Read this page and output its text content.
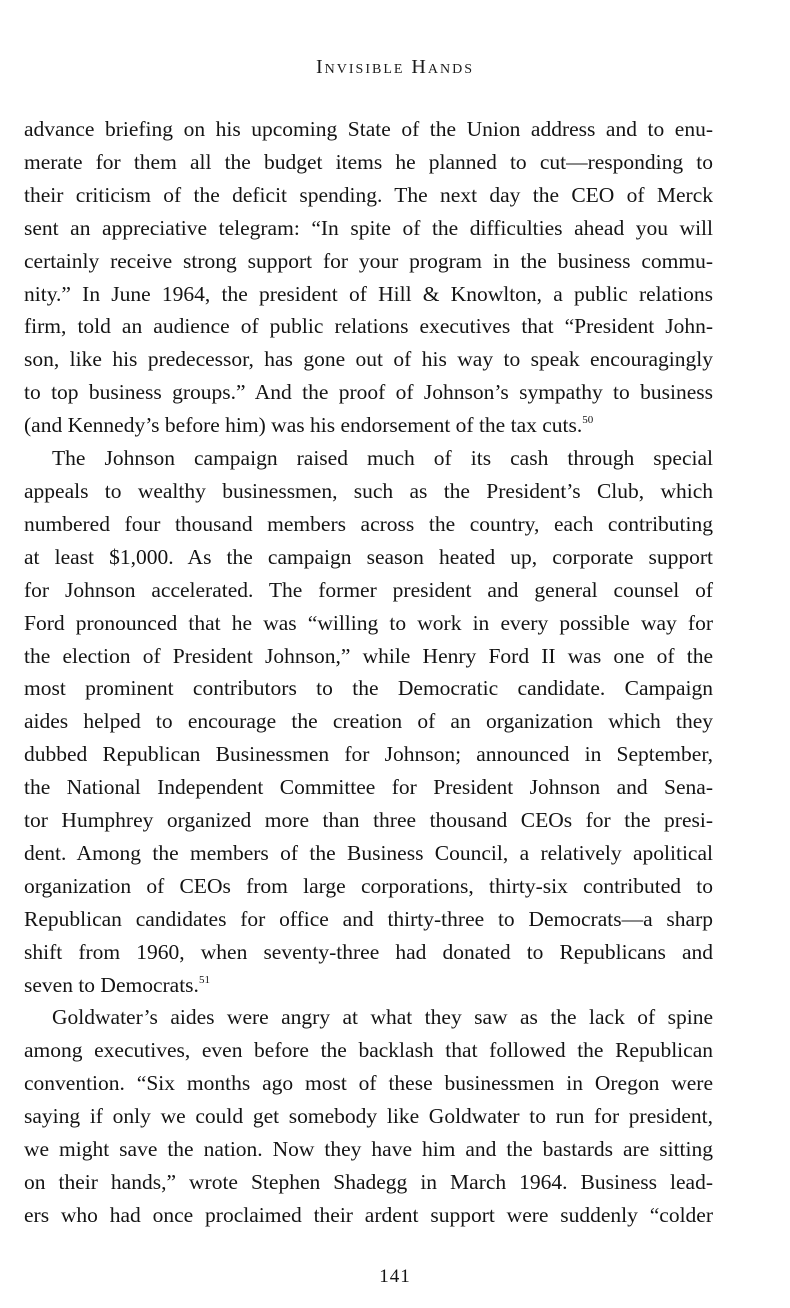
Invisible Hands

advance briefing on his upcoming State of the Union address and to enu-
merate for them all the budget items he planned to cut—responding to
their criticism of the deficit spending. The next day the CEO of Merck
sent an appreciative telegram: “In spite of the difficulties ahead you will
certainly receive strong support for your program in the business commu-
nity.” In June 1964, the president of Hill & Knowlton, a public relations
firm, told an audience of public relations executives that “President John-
son, like his predecessor, has gone out of his way to speak encouragingly
to top business groups.” And the proof of Johnson’s sympathy to business
(and Kennedy’s before him) was his endorsement of the tax cuts.$^{50}$

The Johnson campaign raised much of its cash through special
appeals to wealthy businessmen, such as the President’s Club, which
numbered four thousand members across the country, each contributing
at least $1,000. As the campaign season heated up, corporate support
for Johnson accelerated. The former president and general counsel of
Ford pronounced that he was “willing to work in every possible way for
the election of President Johnson,” while Henry Ford II was one of the
most prominent contributors to the Democratic candidate. Campaign
aides helped to encourage the creation of an organization which they
dubbed Republican Businessmen for Johnson; announced in September,
the National Independent Committee for President Johnson and Sena-
tor Humphrey organized more than three thousand CEOs for the presi-
dent. Among the members of the Business Council, a relatively apolitical
organization of CEOs from large corporations, thirty-six contributed to
Republican candidates for office and thirty-three to Democrats—a sharp
shift from 1960, when seventy-three had donated to Republicans and
seven to Democrats.$^{51}$

Goldwater’s aides were angry at what they saw as the lack of spine
among executives, even before the backlash that followed the Republican
convention. “Six months ago most of these businessmen in Oregon were
saying if only we could get somebody like Goldwater to run for president,
we might save the nation. Now they have him and the bastards are sitting
on their hands,” wrote Stephen Shadegg in March 1964. Business lead-
ers who had once proclaimed their ardent support were suddenly “colder

141
